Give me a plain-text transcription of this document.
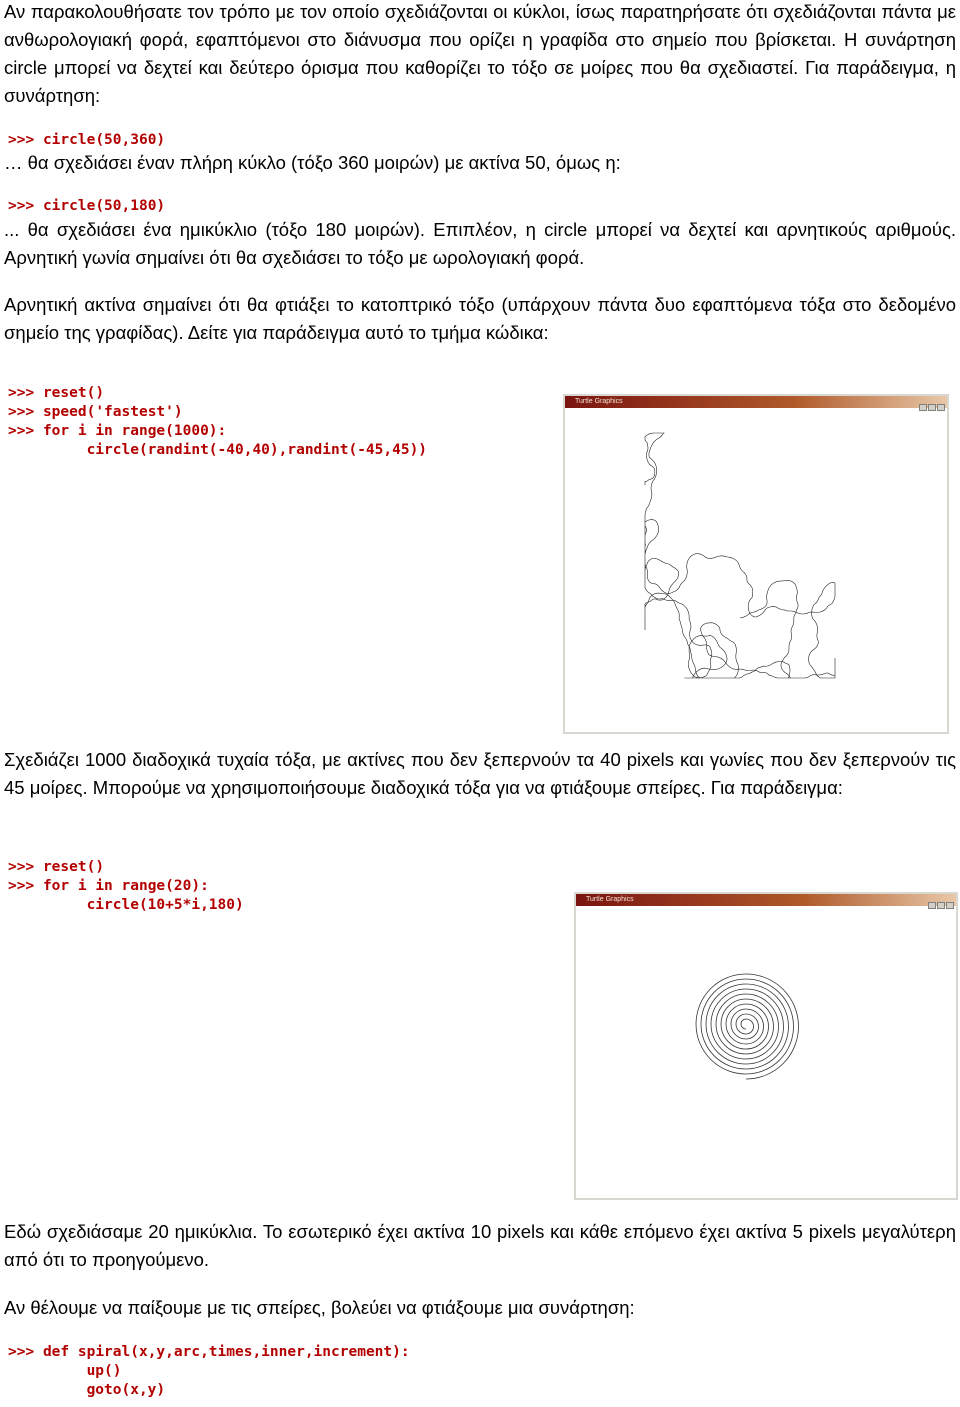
Αν παρακολουθήσατε τον τρόπο με τον οποίο σχεδιάζονται οι κύκλοι, ίσως παρατηρήσατε ότι σχεδιάζονται πάντα με ανθωρολογιακή φορά, εφαπτόμενοι στο διάνυσμα που ορίζει η γραφίδα στο σημείο που βρίσκεται. Η συνάρτηση circle μπορεί να δεχτεί και δεύτερο όρισμα που καθορίζει το τόξο σε μοίρες που θα σχεδιαστεί. Για παράδειγμα, η συνάρτηση:

>>> circle(50,360)

… θα σχεδιάσει έναν πλήρη κύκλο (τόξο 360 μοιρών) με ακτίνα 50, όμως η:

>>> circle(50,180)

... θα σχεδιάσει ένα ημικύκλιο (τόξο 180 μοιρών). Επιπλέον, η circle μπορεί να δεχτεί και αρνητικούς αριθμούς. Αρνητική γωνία σημαίνει ότι θα σχεδιάσει το τόξο με ωρολογιακή φορά.

Αρνητική ακτίνα σημαίνει ότι θα φτιάξει το κατοπτρικό τόξο (υπάρχουν πάντα δυο εφαπτόμενα τόξα στο δεδομένο σημείο της γραφίδας). Δείτε για παράδειγμα αυτό το τμήμα κώδικα:

>>> reset()
>>> speed('fastest')
>>> for i in range(1000):
circle(randint(-40,40),randint(-45,45))
Turtle Graphics

Σχεδιάζει 1000 διαδοχικά τυχαία τόξα, με ακτίνες που δεν ξεπερνούν τα 40 pixels και γωνίες που δεν ξεπερνούν τις 45 μοίρες. Μπορούμε να χρησιμοποιήσουμε διαδοχικά τόξα για να φτιάξουμε σπείρες. Για παράδειγμα:

>>> reset()
>>> for i in range(20):
circle(10+5*i,180)	Turtle Graphics

Εδώ σχεδιάσαμε 20 ημικύκλια. Το εσωτερικό έχει ακτίνα 10 pixels και κάθε επόμενο έχει ακτίνα 5 pixels μεγαλύτερη από ότι το προηγούμενο.

Αν θέλουμε να παίξουμε με τις σπείρες, βολεύει να φτιάξουμε μια συνάρτηση:

>>> def spiral(x,y,arc,times,inner,increment):
up()
goto(x,y)
